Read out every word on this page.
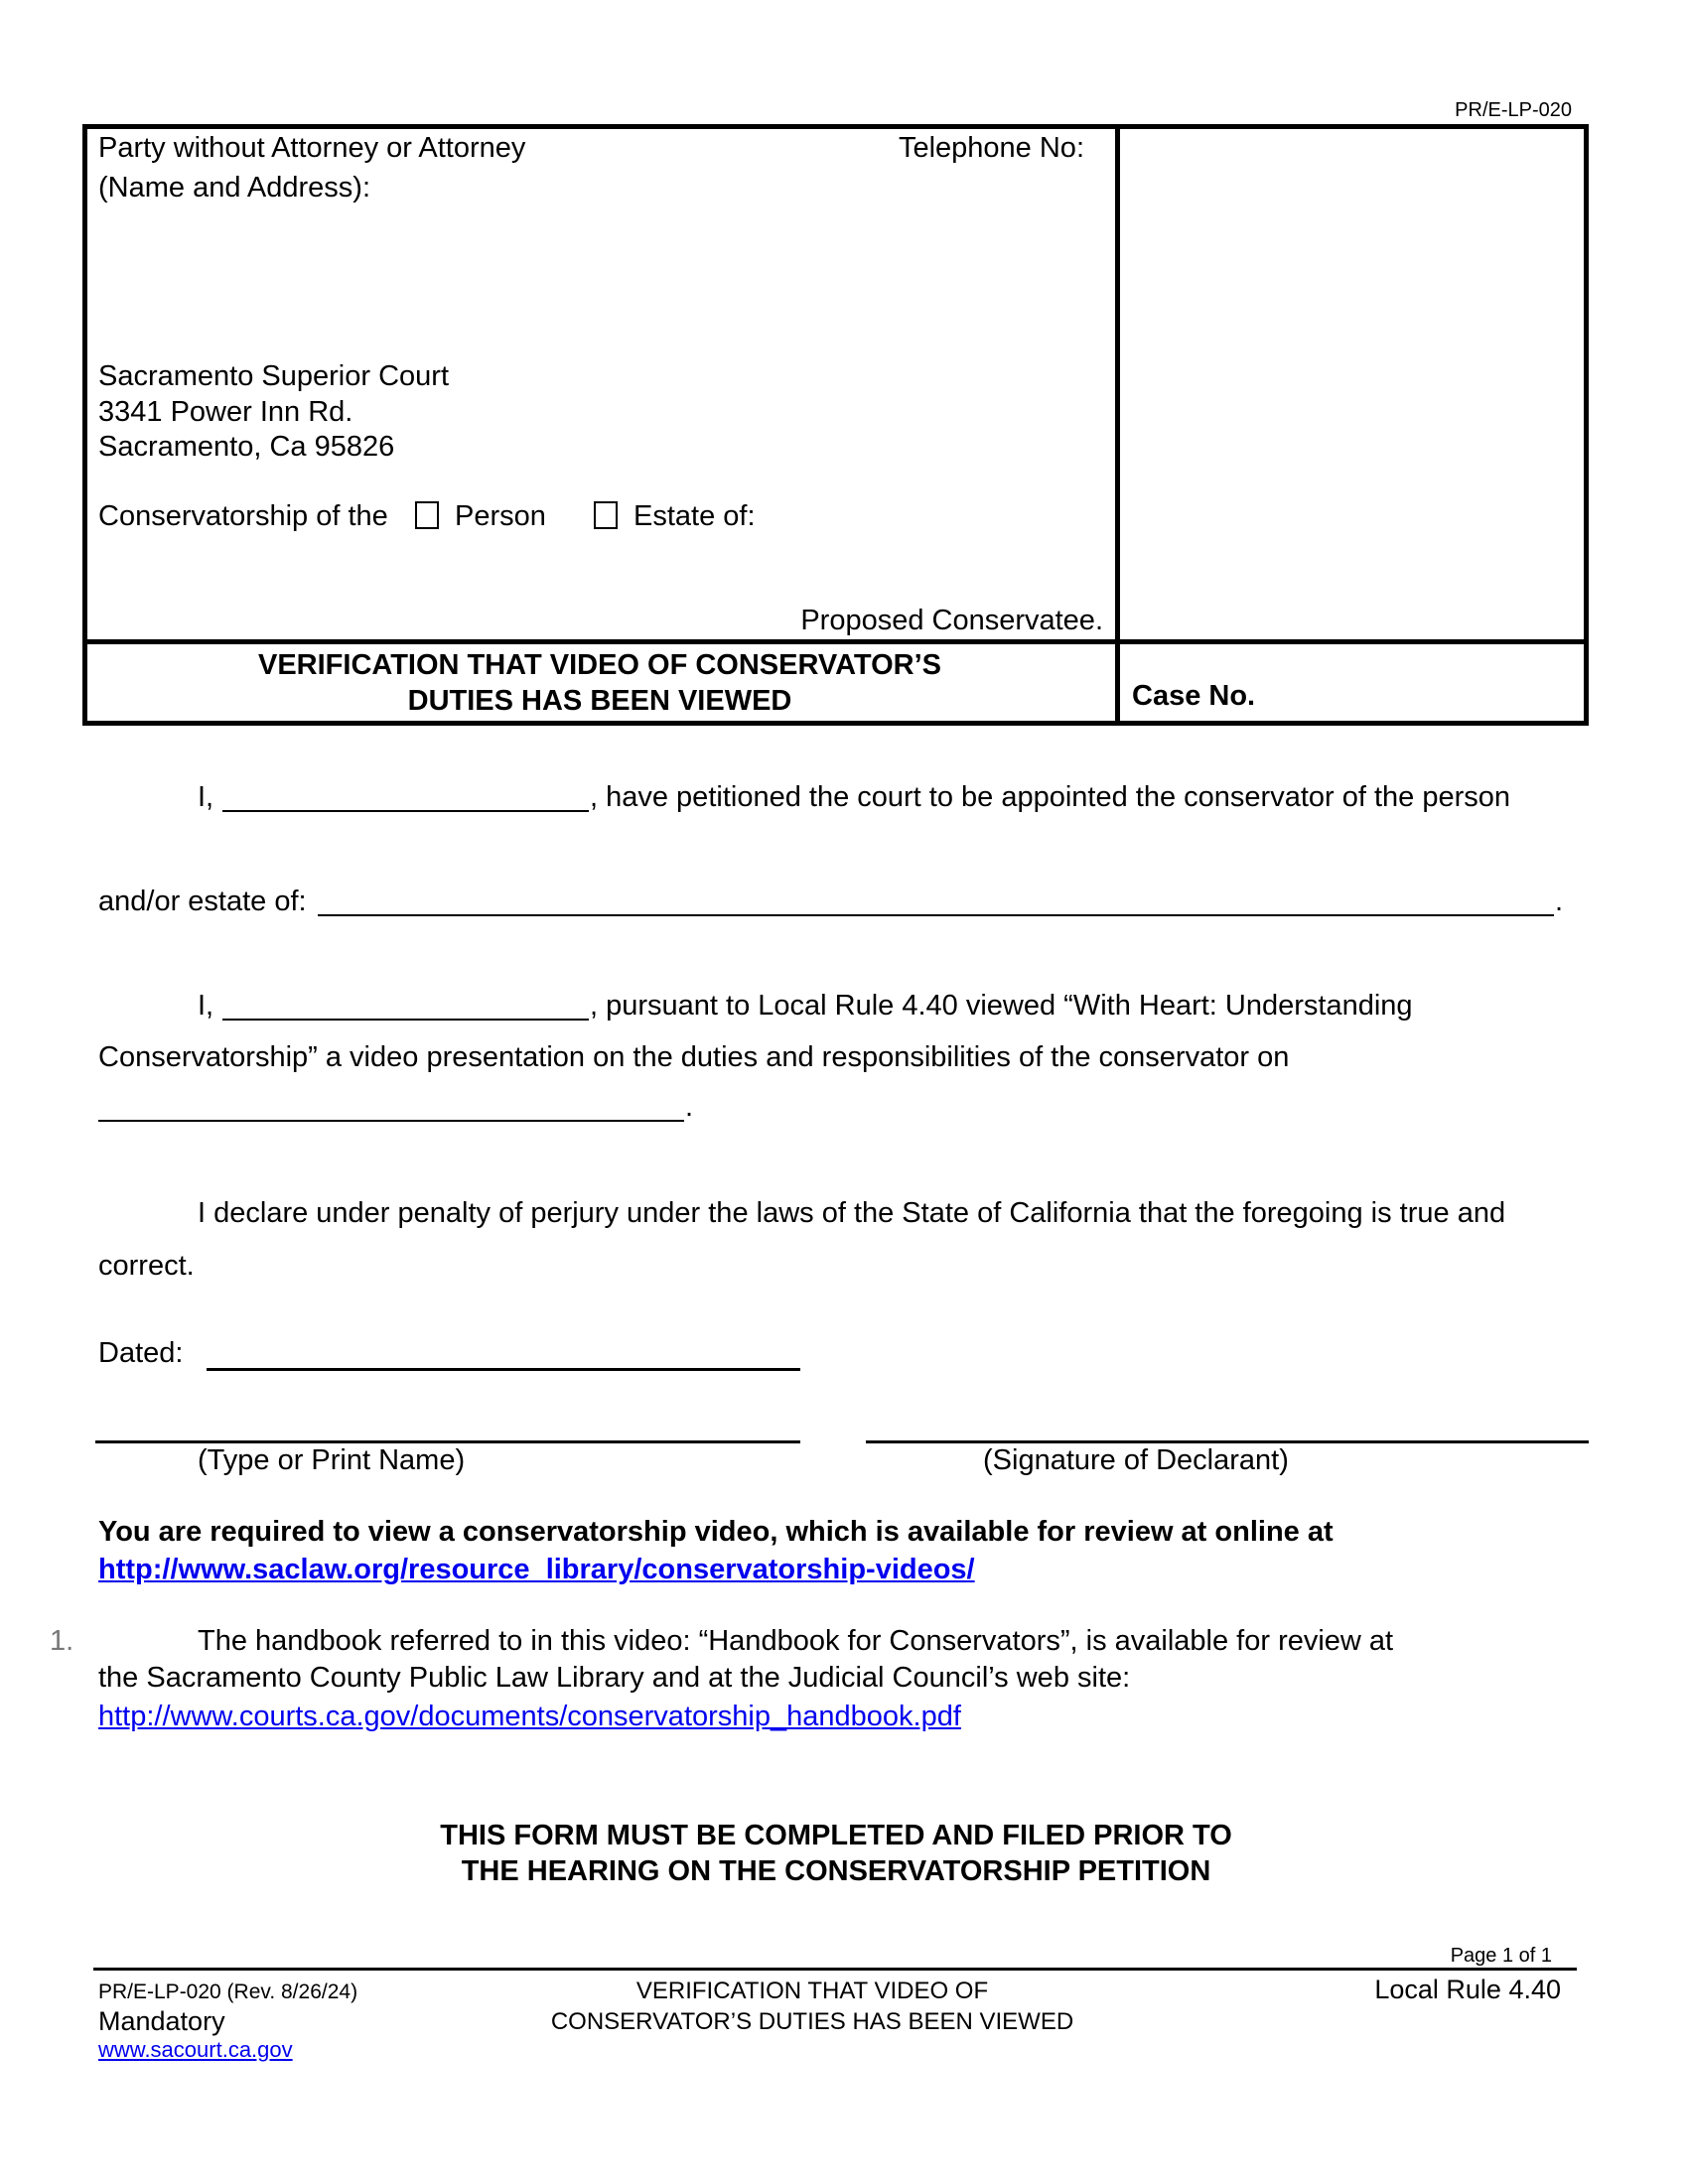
PR/E-LP-020
Party without Attorney or Attorney
(Name and Address):
Telephone No:
Sacramento Superior Court
3341 Power Inn Rd.
Sacramento, Ca 95826
Conservatorship of the Person	Estate of:
Proposed Conservatee.
VERIFICATION THAT VIDEO OF CONSERVATOR’S
DUTIES HAS BEEN VIEWED	Case No.
I,	, have petitioned the court to be appointed the conservator of the person
and/or estate of:	.
I,	, pursuant to Local Rule 4.40 viewed “With Heart: Understanding
Conservatorship” a video presentation on the duties and responsibilities of the conservator on
.
I declare under penalty of perjury under the laws of the State of California that the foregoing is true and
correct.
Dated:
(Type or Print Name)	(Signature of Declarant)
You are required to view a conservatorship video, which is available for review at online at
http://www.saclaw.org/resource_library/conservatorship-videos/
1.	The handbook referred to in this video: “Handbook for Conservators”, is available for review at
the Sacramento County Public Law Library and at the Judicial Council’s web site:
http://www.courts.ca.gov/documents/conservatorship_handbook.pdf
THIS FORM MUST BE COMPLETED AND FILED PRIOR TO
THE HEARING ON THE CONSERVATORSHIP PETITION
Page 1 of 1
PR/E-LP-020 (Rev. 8/26/24)
Mandatory
www.sacourt.ca.gov
VERIFICATION THAT VIDEO OF
CONSERVATOR’S DUTIES HAS BEEN VIEWED
Local Rule 4.40
